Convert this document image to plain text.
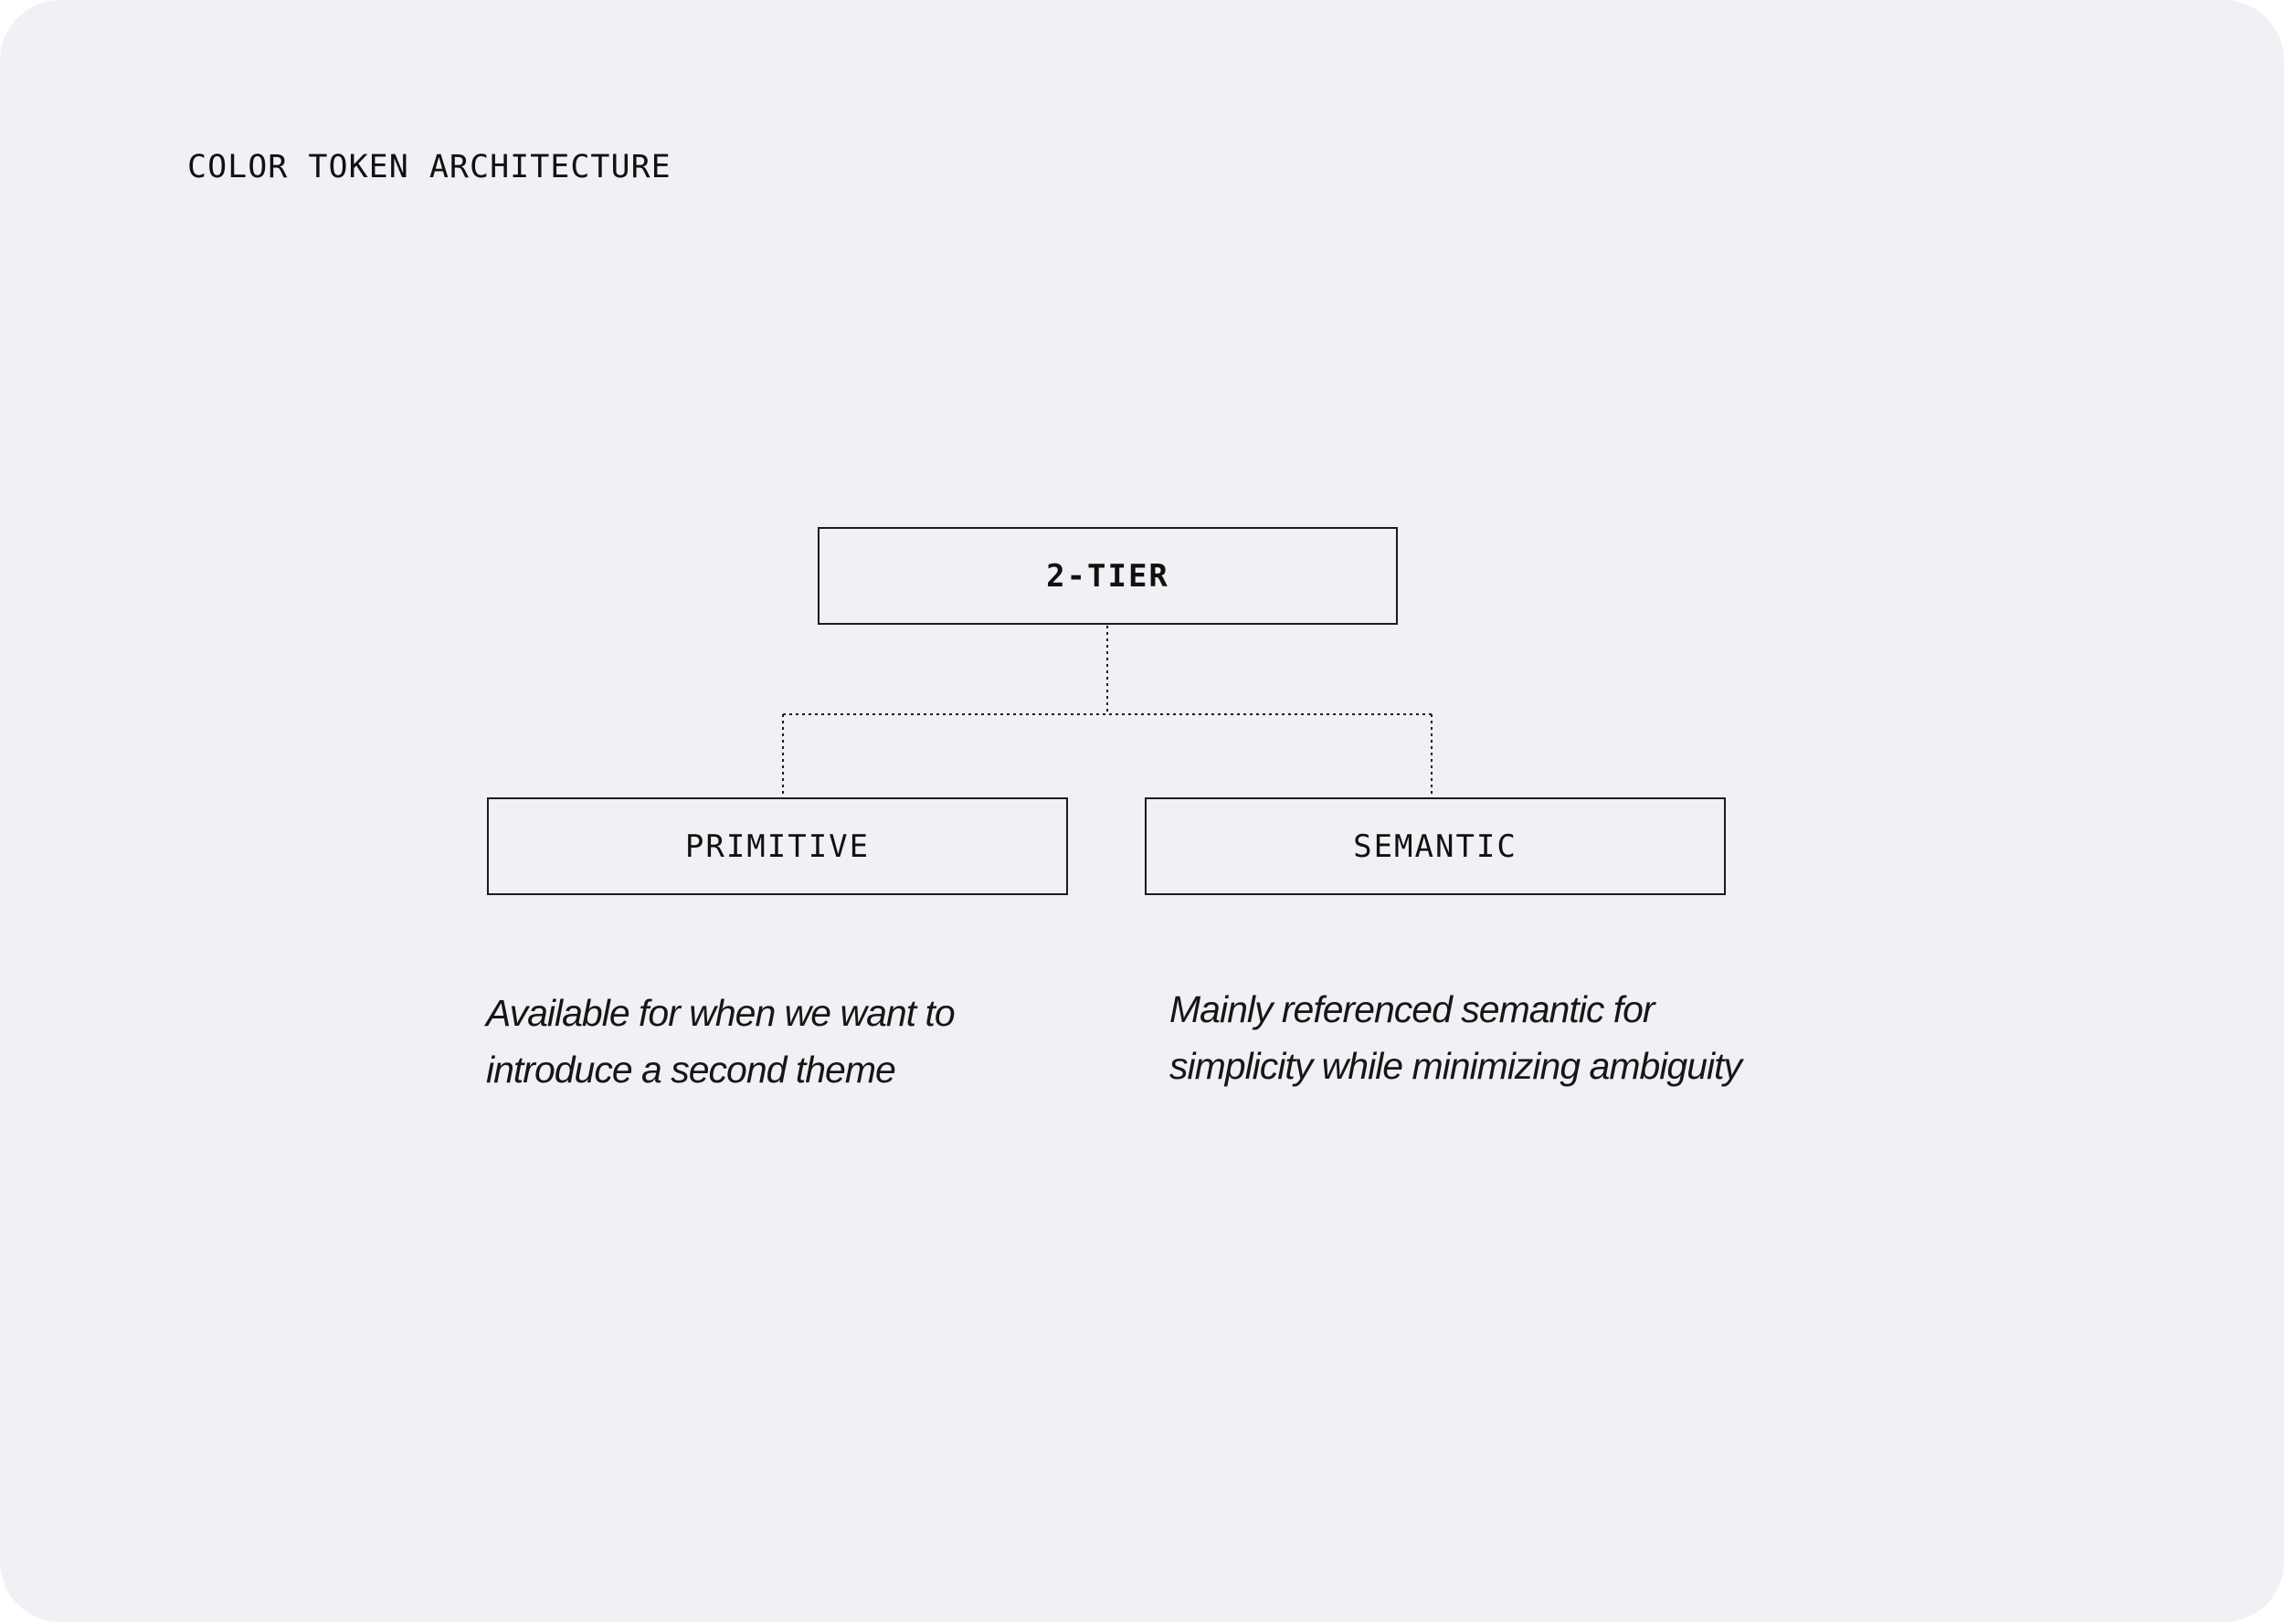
COLOR TOKEN ARCHITECTURE
2-TIER
PRIMITIVE	SEMANTIC

Available for when we want to
introduce a second theme

Mainly referenced semantic for
simplicity while minimizing ambiguity
